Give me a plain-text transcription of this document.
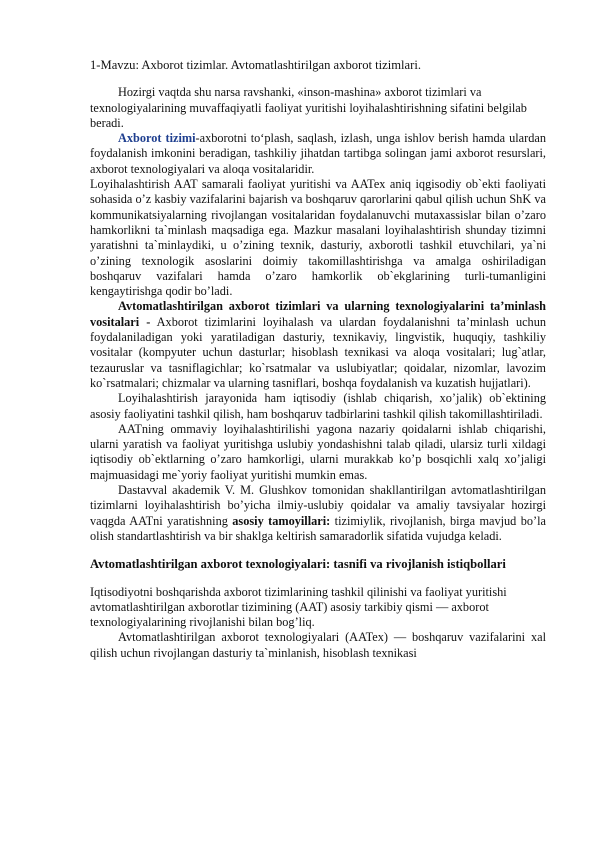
1-Mavzu: Axborot tizimlar. Avtomatlashtirilgan axborot tizimlari.

Hozirgi vaqtda shu narsa ravshanki, «inson-mashina» axborot tizimlari va texnologiyalarining muvaffaqiyatli faoliyat yuritishi loyihalashtirishning sifatini belgilab beradi.

Axborot tizimi-axborotni to‘plash, saqlash, izlash, unga ishlov berish hamda ulardan foydalanish imkonini beradigan, tashkiliy jihatdan tartibga solingan jami axborot resurslari, axborot texnologiyalari va aloqa vositalaridir.

Loyihalashtirish AAT samarali faoliyat yuritishi va AATex aniq iqgisodiy ob`ekti faoliyati sohasida o’z kasbiy vazifalarini bajarish va boshqaruv qarorlarini qabul qilish uchun ShK va kommunikatsiyalarning rivojlangan vositalaridan foydalanuvchi mutaxassislar bilan o’zaro hamkorlikni ta`minlash maqsadiga ega. Mazkur masalani loyihalashtirish shunday tizimni yaratishni ta`minlaydiki, u o’zining texnik, dasturiy, axborotli tashkil etuvchilari, ya`ni o’zining texnologik asoslarini doimiy takomillashtirishga va amalga oshiriladigan boshqaruv vazifalari hamda o’zaro hamkorlik ob`ekglarining turli-tumanligini kengaytirishga qodir bo’ladi.

Avtomatlashtirilgan axborot tizimlari va ularning texnologiyalarini ta’minlash vositalari - Axborot tizimlarini loyihalash va ulardan foydalanishni ta’minlash uchun foydalaniladigan yoki yaratiladigan dasturiy, texnikaviy, lingvistik, huquqiy, tashkiliy vositalar (kompyuter uchun dasturlar; hisoblash texnikasi va aloqa vositalari; lug`atlar, tezauruslar va tasniflagichlar; ko`rsatmalar va uslubiyatlar; qoidalar, nizomlar, lavozim ko`rsatmalari; chizmalar va ularning tasniflari, boshqa foydalanish va kuzatish hujjatlari).

Loyihalashtirish jarayonida ham iqtisodiy (ishlab chiqarish, xo’jalik) ob`ektining asosiy faoliyatini tashkil qilish, ham boshqaruv tadbirlarini tashkil qilish takomillashtiriladi.

AATning ommaviy loyihalashtirilishi yagona nazariy qoidalarni ishlab chiqarishi, ularni yaratish va faoliyat yuritishga uslubiy yondashishni talab qiladi, ularsiz turli xildagi iqtisodiy ob`ektlarning o’zaro hamkorligi, ularni murakkab ko’p bosqichli xalq xo’jaligi majmuasidagi me`yoriy faoliyat yuritishi mumkin emas.

Dastavval akademik V. M. Glushkov tomonidan shakllantirilgan avtomatlashtirilgan tizimlarni loyihalashtirish bo’yicha ilmiy-uslubiy qoidalar va amaliy tavsiyalar hozirgi vaqgda AATni yaratishning asosiy tamoyillari: tizimiylik, rivojlanish, birga mavjud bo’la olish standartlashtirish va bir shaklga keltirish samaradorlik sifatida vujudga keladi.

Avtomatlashtirilgan axborot texnologiyalari: tasnifi va rivojlanish istiqbollari

Iqtisodiyotni boshqarishda axborot tizimlarining tashkil qilinishi va faoliyat yuritishi avtomatlashtirilgan axborotlar tizimining (AAT) asosiy tarkibiy qismi — axborot texnologiyalarining rivojlanishi bilan bog’liq.

Avtomatlashtirilgan axborot texnologiyalari (AATex) — boshqaruv vazifalarini xal qilish uchun rivojlangan dasturiy ta`minlanish, hisoblash texnikasi
